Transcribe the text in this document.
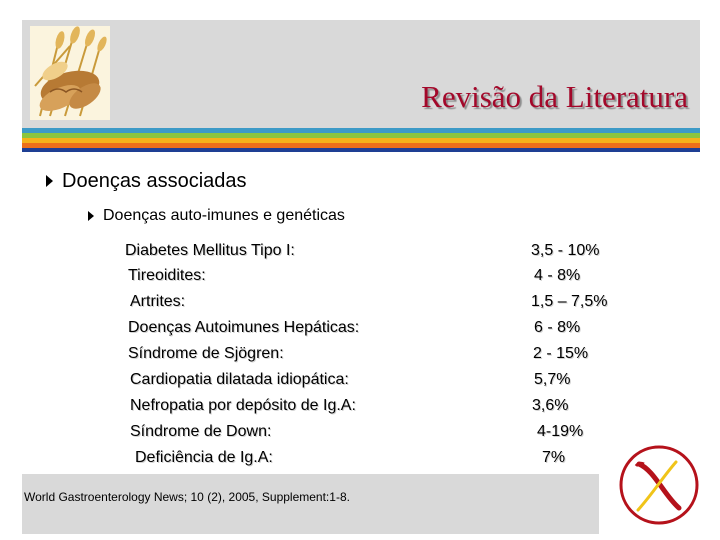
Revisão da Literatura
Doenças associadas
Doenças auto-imunes e genéticas
Diabetes Mellitus Tipo I:	3,5 - 10%
Tireoidites:	4 - 8%
Artrites:	1,5 – 7,5%
Doenças Autoimunes Hepáticas:	6 - 8%
Síndrome de Sjögren:	2 - 15%
Cardiopatia dilatada idiopática:	5,7%
Nefropatia por depósito de Ig.A:	3,6%
Síndrome de Down:	4-19%
Deficiência de Ig.A:	7%
World Gastroenterology News; 10 (2), 2005, Supplement:1-8.
